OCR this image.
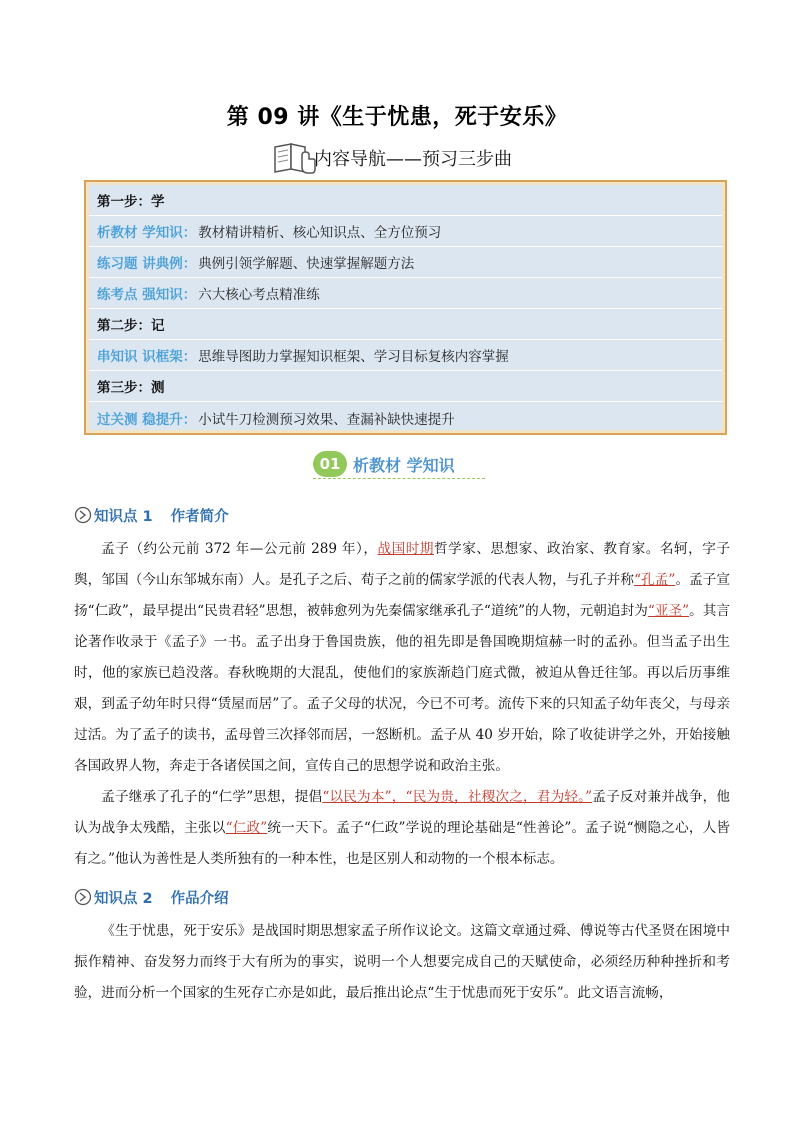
第 09 讲《生于忧患，死于安乐》
内容导航——预习三步曲
第一步：学
析教材 学知识： 教材精讲精析、核心知识点、全方位预习
练习题 讲典例： 典例引领学解题、快速掌握解题方法
练考点 强知识： 六大核心考点精准练
第二步：记
串知识 识框架： 思维导图助力掌握知识框架、学习目标复核内容掌握
第三步：测
过关测 稳提升： 小试牛刀检测预习效果、查漏补缺快速提升
01 析教材 学知识
知识点 1 作者简介
孟子（约公元前 372 年—公元前 289 年），战国时期哲学家、思想家、政治家、教育家。名轲，字子舆，邹国（今山东邹城东南）人。是孔子之后、荀子之前的儒家学派的代表人物，与孔子并称“孔孟”。孟子宣扬“仁政”，最早提出“民贵君轻”思想，被韩愈列为先秦儒家继承孔子“道统”的人物，元朝追封为“亚圣”。其言论著作收录于《孟子》一书。孟子出身于鲁国贵族，他的祖先即是鲁国晚期煊赫一时的孟孙。但当孟子出生时，他的家族已趋没落。春秋晚期的大混乱，使他们的家族渐趋门庭式微，被迫从鲁迁往邹。再以后历事维艰，到孟子幼年时只得“赁屋而居”了。孟子父母的状况，今已不可考。流传下来的只知孟子幼年丧父，与母亲过活。为了孟子的读书，孟母曾三次择邻而居，一怒断机。孟子从 40 岁开始，除了收徒讲学之外，开始接触各国政界人物，奔走于各诸侯国之间，宣传自己的思想学说和政治主张。
孟子继承了孔子的“仁学”思想，提倡“以民为本”，“民为贵，社稷次之，君为轻。”孟子反对兼并战争，他认为战争太残酷，主张以“仁政”统一天下。孟子“仁政”学说的理论基础是“性善论”。孟子说“恻隐之心，人皆有之。”他认为善性是人类所独有的一种本性，也是区别人和动物的一个根本标志。
知识点 2 作品介绍
《生于忧患，死于安乐》是战国时期思想家孟子所作议论文。这篇文章通过舜、傅说等古代圣贤在困境中振作精神、奋发努力而终于大有所为的事实，说明一个人想要完成自己的天赋使命，必须经历种种挫折和考验，进而分析一个国家的生死存亡亦是如此，最后推出论点“生于忧患而死于安乐”。此文语言流畅，
